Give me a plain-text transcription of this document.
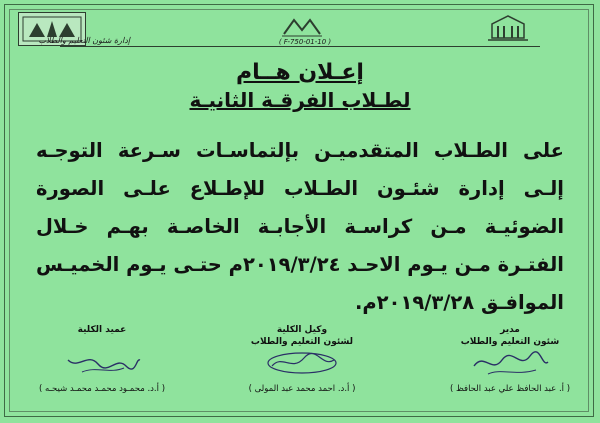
إدارة شئون التعليم والطلاب	( F-750-01-10 )
إعـلان هــام
لطـلاب الفرقـة الثانيـة
على الطـلاب المتقدميـن بإلتماسـات سـرعة التوجـه إلـى إدارة شئـون الطـلاب للإطـلاع علـى الصورة الضوئيـة مـن كراسـة الأجابـة الخاصـة بهـم خـلال الفتـرة مـن يـوم الاحـد ٢٠١٩/٣/٢٤م حتـى يـوم الخميـس الموافـق ٢٠١٩/٣/٢٨م.
مدير
شئون التعليم والطلاب
( أ. عبد الحافظ علي عبد الحافظ )
وكيل الكلية
لشئون التعليم والطلاب
( أ.د. احمد محمد عبد المولى )
عميد الكلية
( أ.د. محمـود محمـد محمـد شيحـه )
